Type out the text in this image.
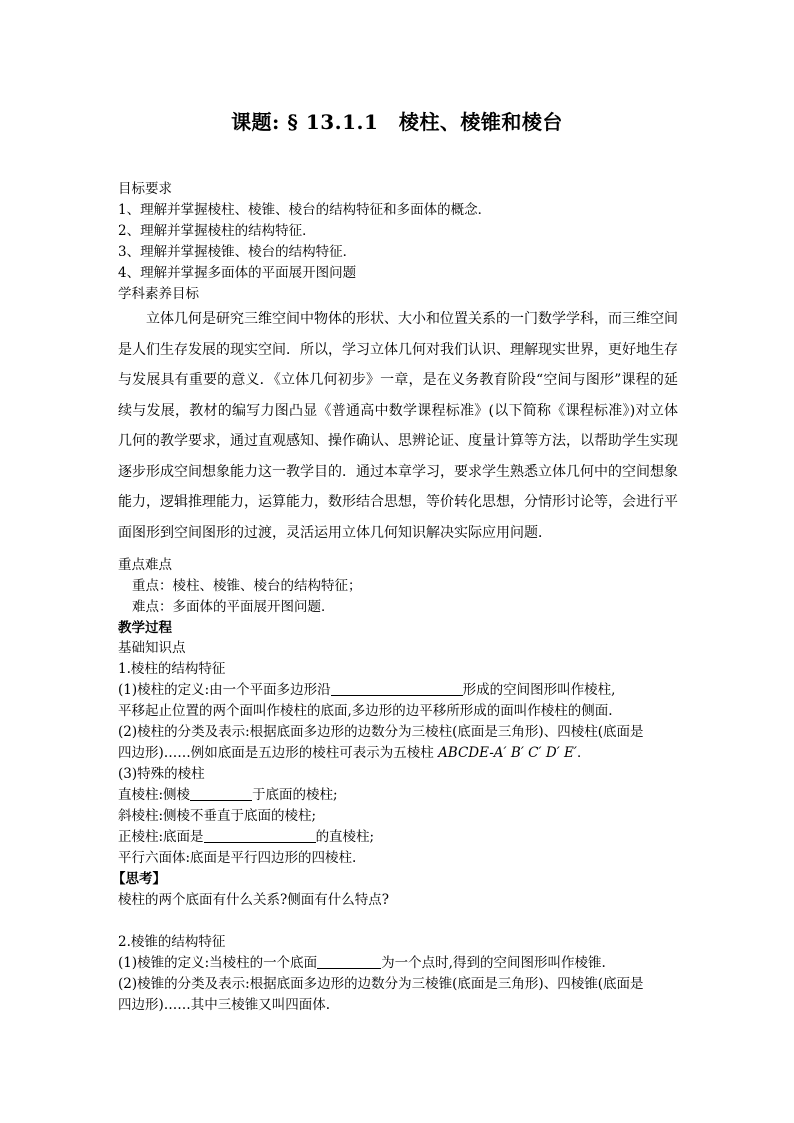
课题: § 13.1.1　棱柱、棱锥和棱台
目标要求
1、理解并掌握棱柱、棱锥、棱台的结构特征和多面体的概念．
2、理解并掌握棱柱的结构特征．
3、理解并掌握棱锥、棱台的结构特征．
4、理解并掌握多面体的平面展开图问题
学科素养目标
立体几何是研究三维空间中物体的形状、大小和位置关系的一门数学学科，而三维空间是人们生存发展的现实空间．所以，学习立体几何对我们认识、理解现实世界，更好地生存与发展具有重要的意义．《立体几何初步》一章，是在义务教育阶段“空间与图形”课程的延续与发展，教材的编写力图凸显《普通高中数学课程标准》(以下简称《课程标准》)对立体几何的教学要求，通过直观感知、操作确认、思辨论证、度量计算等方法，以帮助学生实现逐步形成空间想象能力这一教学目的．通过本章学习，要求学生熟悉立体几何中的空间想象能力，逻辑推理能力，运算能力，数形结合思想，等价转化思想，分情形讨论等，会进行平面图形到空间图形的过渡，灵活运用立体几何知识解决实际应用问题．
重点难点
重点：棱柱、棱锥、棱台的结构特征；
难点：多面体的平面展开图问题．
教学过程
基础知识点
1.棱柱的结构特征
(1)棱柱的定义:由一个平面多边形沿	形成的空间图形叫作棱柱,
平移起止位置的两个面叫作棱柱的底面,多边形的边平移所形成的面叫作棱柱的侧面.
(2)棱柱的分类及表示:根据底面多边形的边数分为三棱柱(底面是三角形)、四棱柱(底面是
四边形)……例如底面是五边形的棱柱可表示为五棱柱 ABCDE-A′ B′ C′ D′ E′．
(3)特殊的棱柱
直棱柱:侧棱	于底面的棱柱;
斜棱柱:侧棱不垂直于底面的棱柱;
正棱柱:底面是	的直棱柱;
平行六面体:底面是平行四边形的四棱柱.
【思考】
棱柱的两个底面有什么关系?侧面有什么特点?
2.棱锥的结构特征
(1)棱锥的定义:当棱柱的一个底面	为一个点时,得到的空间图形叫作棱锥.
(2)棱锥的分类及表示:根据底面多边形的边数分为三棱锥(底面是三角形)、四棱锥(底面是
四边形)……其中三棱锥又叫四面体.
